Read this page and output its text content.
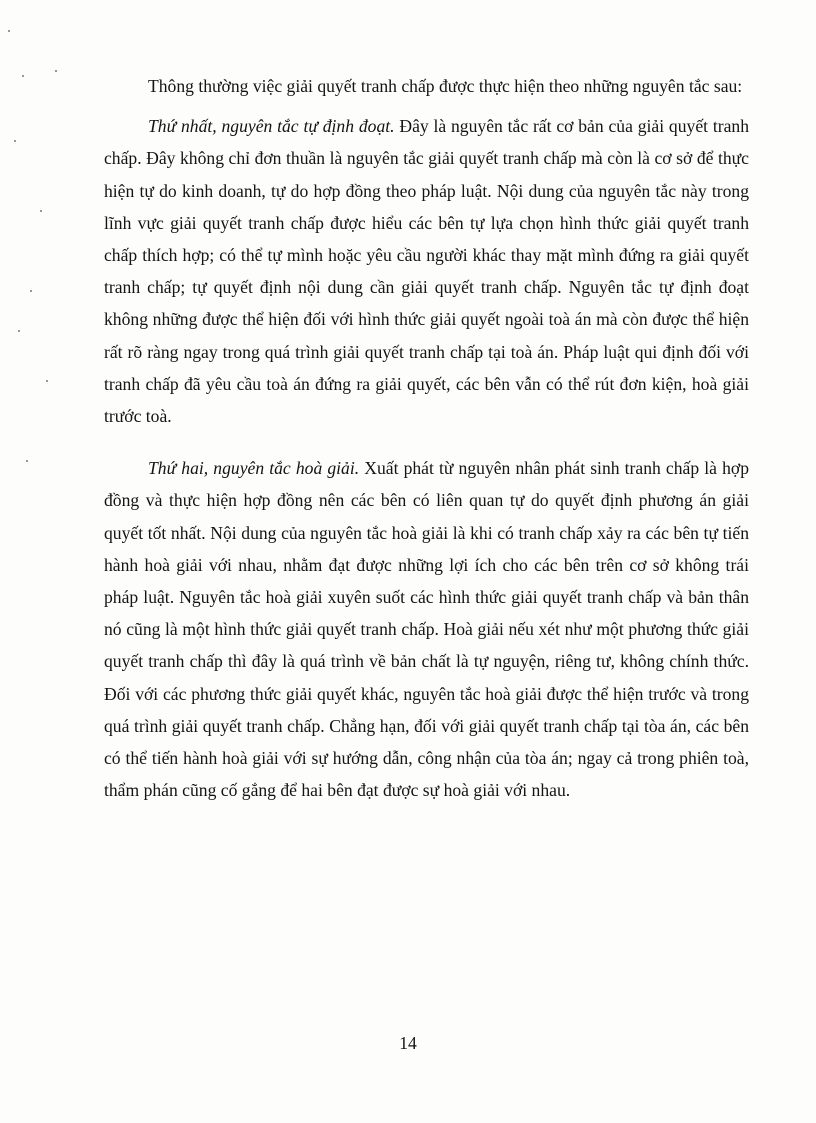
Thông thường việc giải quyết tranh chấp được thực hiện theo những nguyên tắc sau:

Thứ nhất, nguyên tắc tự định đoạt. Đây là nguyên tắc rất cơ bản của giải quyết tranh chấp. Đây không chỉ đơn thuần là nguyên tắc giải quyết tranh chấp mà còn là cơ sở để thực hiện tự do kinh doanh, tự do hợp đồng theo pháp luật. Nội dung của nguyên tắc này trong lĩnh vực giải quyết tranh chấp được hiểu các bên tự lựa chọn hình thức giải quyết tranh chấp thích hợp; có thể tự mình hoặc yêu cầu người khác thay mặt mình đứng ra giải quyết tranh chấp; tự quyết định nội dung cần giải quyết tranh chấp. Nguyên tắc tự định đoạt không những được thể hiện đối với hình thức giải quyết ngoài toà án mà còn được thể hiện rất rõ ràng ngay trong quá trình giải quyết tranh chấp tại toà án. Pháp luật qui định đối với tranh chấp đã yêu cầu toà án đứng ra giải quyết, các bên vẫn có thể rút đơn kiện, hoà giải trước toà.

Thứ hai, nguyên tắc hoà giải. Xuất phát từ nguyên nhân phát sinh tranh chấp là hợp đồng và thực hiện hợp đồng nên các bên có liên quan tự do quyết định phương án giải quyết tốt nhất. Nội dung của nguyên tắc hoà giải là khi có tranh chấp xảy ra các bên tự tiến hành hoà giải với nhau, nhằm đạt được những lợi ích cho các bên trên cơ sở không trái pháp luật. Nguyên tắc hoà giải xuyên suốt các hình thức giải quyết tranh chấp và bản thân nó cũng là một hình thức giải quyết tranh chấp. Hoà giải nếu xét như một phương thức giải quyết tranh chấp thì đây là quá trình về bản chất là tự nguyện, riêng tư, không chính thức. Đối với các phương thức giải quyết khác, nguyên tắc hoà giải được thể hiện trước và trong quá trình giải quyết tranh chấp. Chẳng hạn, đối với giải quyết tranh chấp tại tòa án, các bên có thể tiến hành hoà giải với sự hướng dẫn, công nhận của tòa án; ngay cả trong phiên toà, thẩm phán cũng cố gắng để hai bên đạt được sự hoà giải với nhau.

14
